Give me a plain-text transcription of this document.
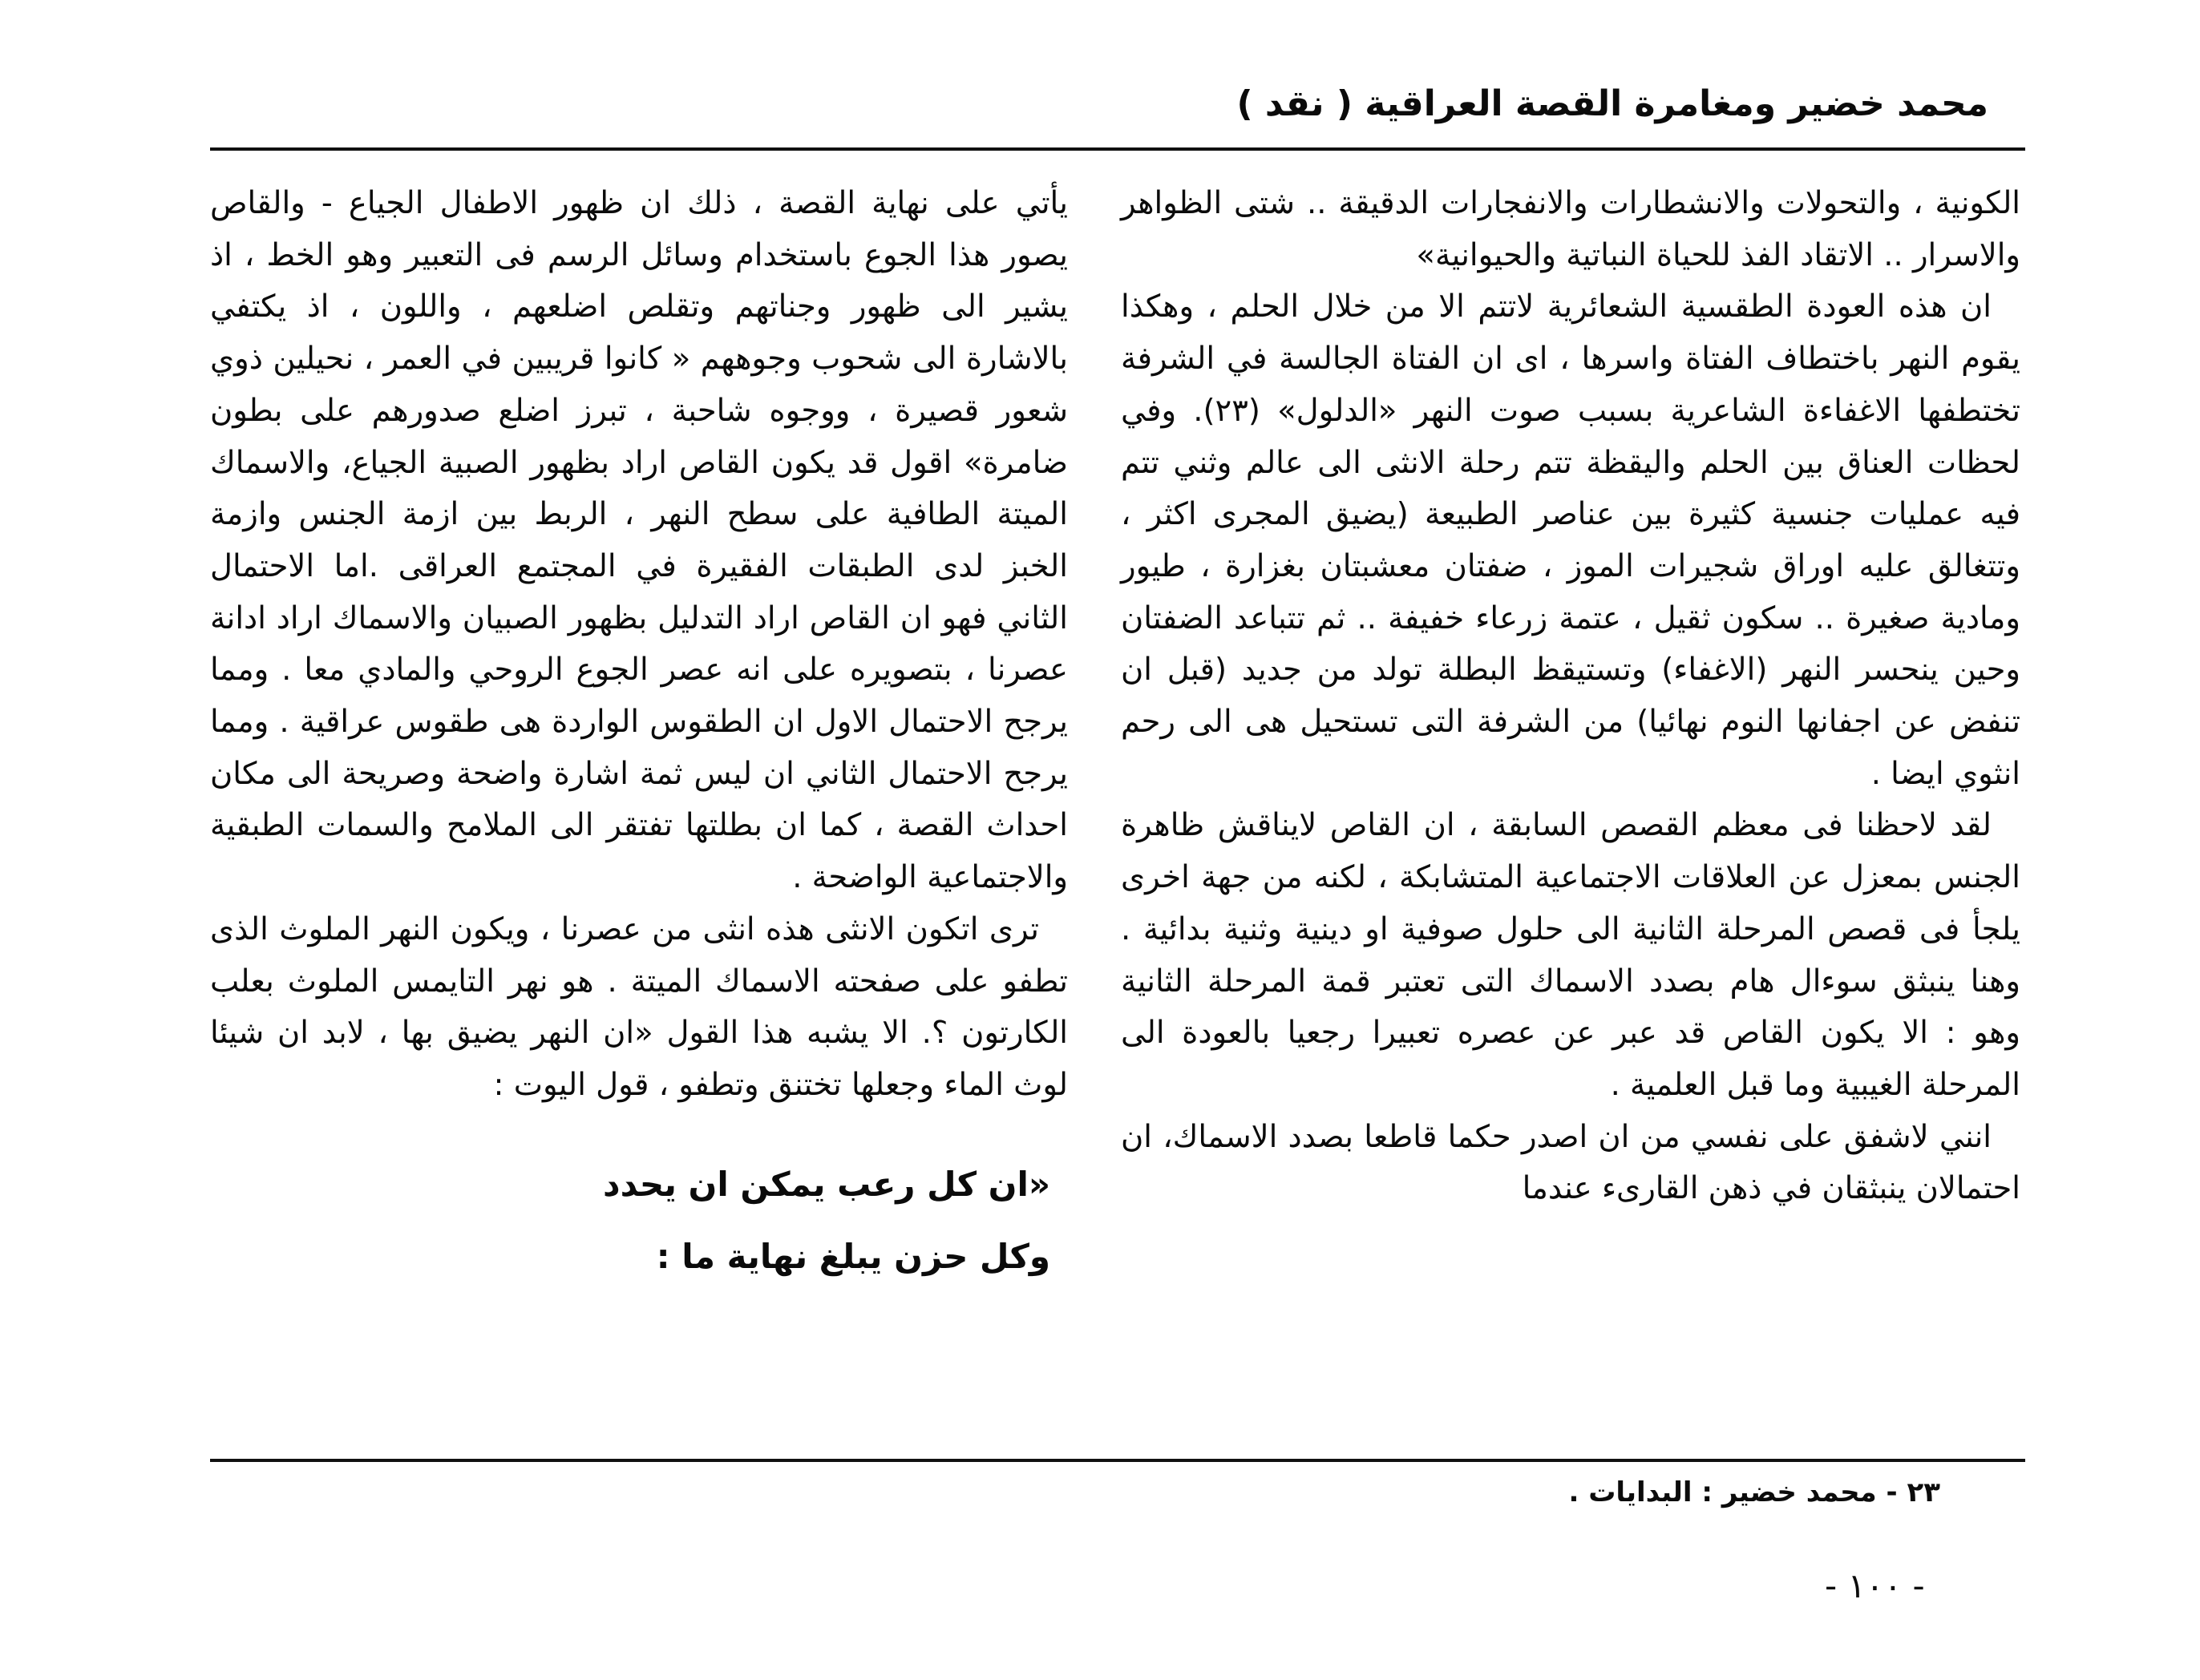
محمد خضير ومغامرة القصة العراقية ( نقد )

الكونية ، والتحولات والانشطارات والانفجارات الدقيقة .. شتى الظواهر والاسرار .. الاتقاد الفذ للحياة النباتية والحيوانية»

ان هذه العودة الطقسية الشعائرية لاتتم الا من خلال الحلم ، وهكذا يقوم النهر باختطاف الفتاة واسرها ، اى ان الفتاة الجالسة في الشرفة تختطفها الاغفاءة الشاعرية بسبب صوت النهر «الدلول» (٢٣). وفي لحظات العناق بين الحلم واليقظة تتم رحلة الانثى الى عالم وثني تتم فيه عمليات جنسية كثيرة بين عناصر الطبيعة (يضيق المجرى اكثر ، وتتغالق عليه اوراق شجيرات الموز ، ضفتان معشبتان بغزارة ، طيور ومادية صغيرة .. سكون ثقيل ، عتمة زرعاء خفيفة .. ثم تتباعد الضفتان وحين ينحسر النهر (الاغفاء) وتستيقظ البطلة تولد من جديد (قبل ان تنفض عن اجفانها النوم نهائيا) من الشرفة التى تستحيل هى الى رحم انثوي ايضا .

لقد لاحظنا فى معظم القصص السابقة ، ان القاص لايناقش ظاهرة الجنس بمعزل عن العلاقات الاجتماعية المتشابكة ، لكنه من جهة اخرى يلجأ فى قصص المرحلة الثانية الى حلول صوفية او دينية وثنية بدائية . وهنا ينبثق سوءال هام بصدد الاسماك التى تعتبر قمة المرحلة الثانية وهو : الا يكون القاص قد عبر عن عصره تعبيرا رجعيا بالعودة الى المرحلة الغيبية وما قبل العلمية .

انني لاشفق على نفسي من ان اصدر حكما قاطعا بصدد الاسماك، ان احتمالان ينبثقان في ذهن القارىء عندما

يأتي على نهاية القصة ، ذلك ان ظهور الاطفال الجياع - والقاص يصور هذا الجوع باستخدام وسائل الرسم فى التعبير وهو الخط ، اذ يشير الى ظهور وجناتهم وتقلص اضلعهم ، واللون ، اذ يكتفي بالاشارة الى شحوب وجوههم « كانوا قريبين في العمر ، نحيلين ذوي شعور قصيرة ، ووجوه شاحبة ، تبرز اضلع صدورهم على بطون ضامرة» اقول قد يكون القاص اراد بظهور الصبية الجياع، والاسماك الميتة الطافية على سطح النهر ، الربط بين ازمة الجنس وازمة الخبز لدى الطبقات الفقيرة في المجتمع العراقى .اما الاحتمال الثاني فهو ان القاص اراد التدليل بظهور الصبيان والاسماك اراد ادانة عصرنا ، بتصويره على انه عصر الجوع الروحي والمادي معا . ومما يرجح الاحتمال الاول ان الطقوس الواردة هى طقوس عراقية . ومما يرجح الاحتمال الثاني ان ليس ثمة اشارة واضحة وصريحة الى مكان احداث القصة ، كما ان بطلتها تفتقر الى الملامح والسمات الطبقية والاجتماعية الواضحة .

ترى اتكون الانثى هذه انثى من عصرنا ، ويكون النهر الملوث الذى تطفو على صفحته الاسماك الميتة . هو نهر التايمس الملوث بعلب الكارتون ؟. الا يشبه هذا القول «ان النهر يضيق بها ، لابد ان شيئا لوث الماء وجعلها تختنق وتطفو ، قول اليوت :

«ان كل رعب يمكن ان يحدد
وكل حزن يبلغ نهاية ما :
٢٣ - محمد خضير : البدايات .
- ١٠٠ -
